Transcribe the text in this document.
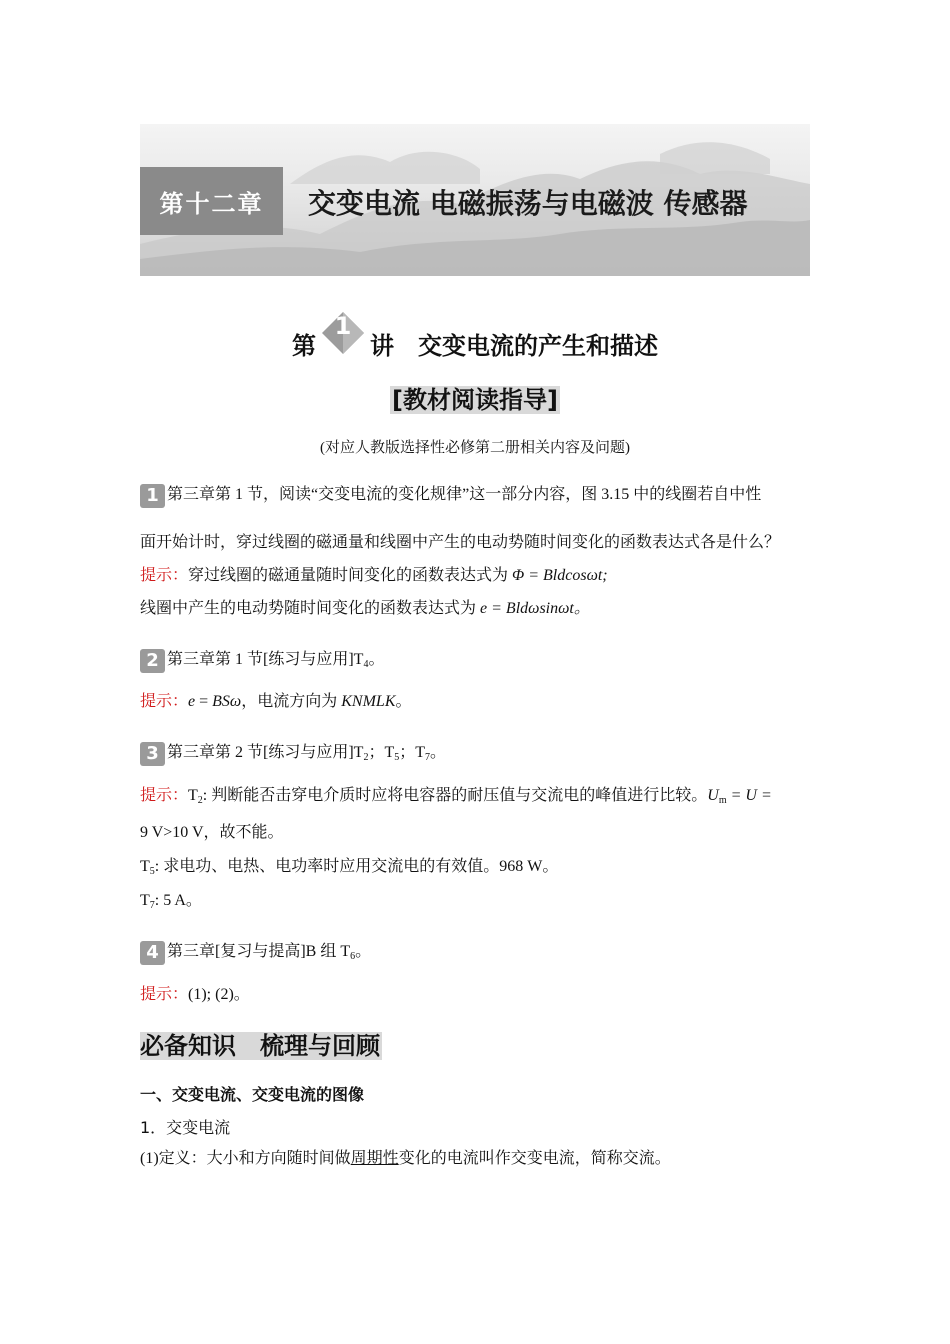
第十二章	交变电流 电磁振荡与电磁波 传感器
第
1
讲　交变电流的产生和描述
[教材阅读指导]
(对应人教版选择性必修第二册相关内容及问题)
1 第三章第 1 节，阅读“交变电流的变化规律”这一部分内容，图 3.15 中的线圈若自中性
面开始计时，穿过线圈的磁通量和线圈中产生的电动势随时间变化的函数表达式各是什么？
提示：穿过线圈的磁通量随时间变化的函数表达式为 Φ = Bldcosωt;
线圈中产生的电动势随时间变化的函数表达式为 e = Bldωsinωt。
2 第三章第 1 节[练习与应用]$T_4$。
提示：e = BSω，电流方向为 KNMLK。
3 第三章第 2 节[练习与应用]$T_2$；$T_5$；$T_7$。
提示：$T_2$: 判断能否击穿电介质时应将电容器的耐压值与交流电的峰值进行比较。$U_m = U$ =
9 V>10 V，故不能。
$T_5$: 求电功、电热、电功率时应用交流电的有效值。968 W。
$T_7$: 5 A。
4 第三章[复习与提高]B 组 $T_6$。
提示：(1); (2)。
必备知识　梳理与回顾
一、交变电流、交变电流的图像
1．交变电流
(1)定义：大小和方向随时间做周期性变化的电流叫作交变电流，简称交流。
